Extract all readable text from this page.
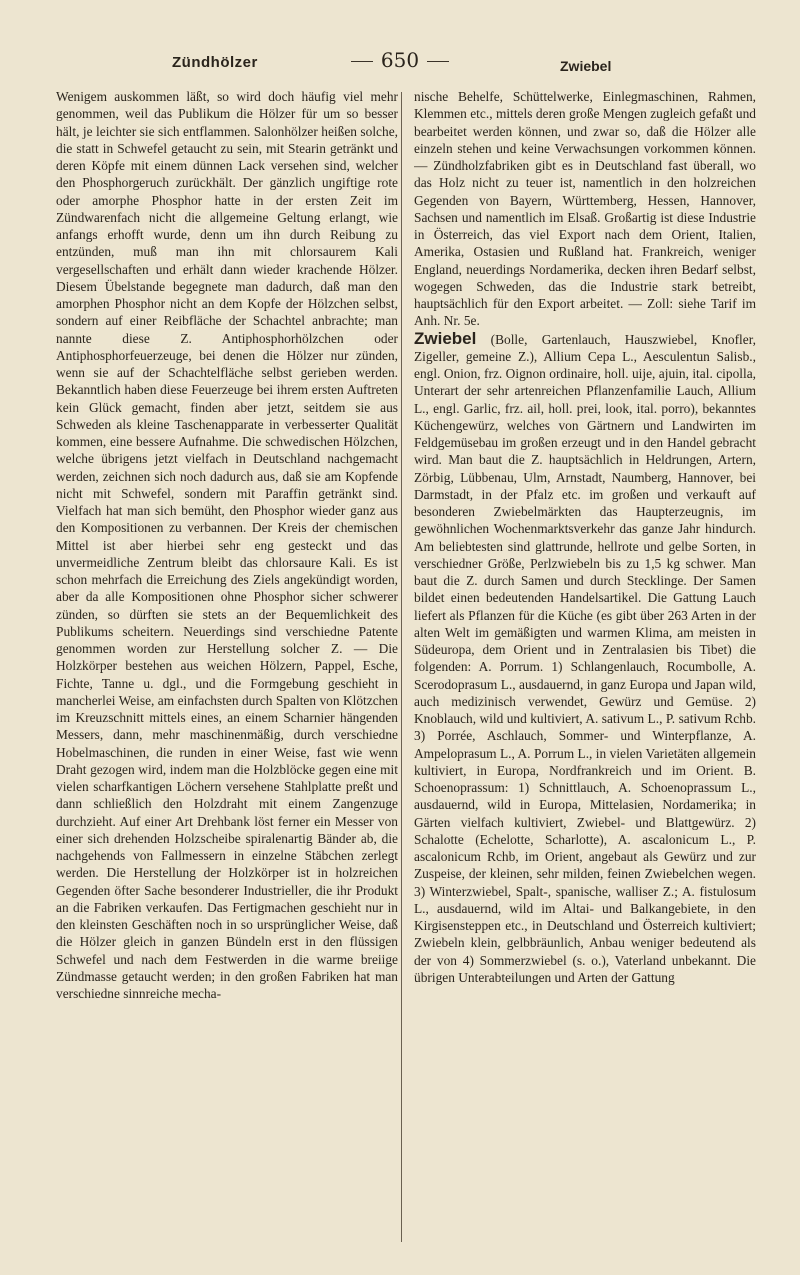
Zündhölzer	650	Zwiebel

Wenigem auskommen läßt, so wird doch häufig viel mehr genommen, weil das Publikum die Hölzer für um so besser hält, je leichter sie sich entflammen. Salonhölzer heißen solche, die statt in Schwefel getaucht zu sein, mit Stearin getränkt und deren Köpfe mit einem dünnen Lack versehen sind, welcher den Phosphorgeruch zurückhält. Der gänzlich ungiftige rote oder amorphe Phosphor hatte in der ersten Zeit im Zündwarenfach nicht die allgemeine Geltung erlangt, wie anfangs erhofft wurde, denn um ihn durch Reibung zu entzünden, muß man ihn mit chlorsaurem Kali vergesellschaften und erhält dann wieder krachende Hölzer. Diesem Übelstande begegnete man dadurch, daß man den amorphen Phosphor nicht an dem Kopfe der Hölzchen selbst, sondern auf einer Reibfläche der Schachtel anbrachte; man nannte diese Z. Antiphosphorhölzchen oder Antiphosphorfeuerzeuge, bei denen die Hölzer nur zünden, wenn sie auf der Schachtelfläche selbst gerieben werden. Bekanntlich haben diese Feuerzeuge bei ihrem ersten Auftreten kein Glück gemacht, finden aber jetzt, seitdem sie aus Schweden als kleine Taschenapparate in verbesserter Qualität kommen, eine bessere Aufnahme. Die schwedischen Hölzchen, welche übrigens jetzt vielfach in Deutschland nachgemacht werden, zeichnen sich noch dadurch aus, daß sie am Kopfende nicht mit Schwefel, sondern mit Paraffin getränkt sind. Vielfach hat man sich bemüht, den Phosphor wieder ganz aus den Kompositionen zu verbannen. Der Kreis der chemischen Mittel ist aber hierbei sehr eng gesteckt und das unvermeidliche Zentrum bleibt das chlorsaure Kali. Es ist schon mehrfach die Erreichung des Ziels angekündigt worden, aber da alle Kompositionen ohne Phosphor sicher schwerer zünden, so dürften sie stets an der Bequemlichkeit des Publikums scheitern. Neuerdings sind verschiedne Patente genommen worden zur Herstellung solcher Z. — Die Holzkörper bestehen aus weichen Hölzern, Pappel, Esche, Fichte, Tanne u. dgl., und die Formgebung geschieht in mancherlei Weise, am einfachsten durch Spalten von Klötzchen im Kreuzschnitt mittels eines, an einem Scharnier hängenden Messers, dann, mehr maschinenmäßig, durch verschiedne Hobelmaschinen, die runden in einer Weise, fast wie wenn Draht gezogen wird, indem man die Holzblöcke gegen eine mit vielen scharfkantigen Löchern versehene Stahlplatte preßt und dann schließlich den Holzdraht mit einem Zangenzuge durchzieht. Auf einer Art Drehbank löst ferner ein Messer von einer sich drehenden Holzscheibe spiralenartig Bänder ab, die nachgehends von Fallmessern in einzelne Stäbchen zerlegt werden. Die Herstellung der Holzkörper ist in holzreichen Gegenden öfter Sache besonderer Industrieller, die ihr Produkt an die Fabriken verkaufen. Das Fertigmachen geschieht nur in den kleinsten Geschäften noch in so ursprünglicher Weise, daß die Hölzer gleich in ganzen Bündeln erst in den flüssigen Schwefel und nach dem Festwerden in die warme breiige Zündmasse getaucht werden; in den großen Fabriken hat man verschiedne sinnreiche mecha-

nische Behelfe, Schüttelwerke, Einlegmaschinen, Rahmen, Klemmen etc., mittels deren große Mengen zugleich gefaßt und bearbeitet werden können, und zwar so, daß die Hölzer alle einzeln stehen und keine Verwachsungen vorkommen können. — Zündholzfabriken gibt es in Deutschland fast überall, wo das Holz nicht zu teuer ist, namentlich in den holzreichen Gegenden von Bayern, Württemberg, Hessen, Hannover, Sachsen und namentlich im Elsaß. Großartig ist diese Industrie in Österreich, das viel Export nach dem Orient, Italien, Amerika, Ostasien und Rußland hat. Frankreich, weniger England, neuerdings Nordamerika, decken ihren Bedarf selbst, wogegen Schweden, das die Industrie stark betreibt, hauptsächlich für den Export arbeitet. — Zoll: siehe Tarif im Anh. Nr. 5e.

Zwiebel (Bolle, Gartenlauch, Hauszwiebel, Knofler, Zigeller, gemeine Z.), Allium Cepa L., Aesculentun Salisb., engl. Onion, frz. Oignon ordinaire, holl. uije, ajuin, ital. cipolla, Unterart der sehr artenreichen Pflanzenfamilie Lauch, Allium L., engl. Garlic, frz. ail, holl. prei, look, ital. porro), bekanntes Küchengewürz, welches von Gärtnern und Landwirten im Feldgemüsebau im großen erzeugt und in den Handel gebracht wird. Man baut die Z. hauptsächlich in Heldrungen, Artern, Zörbig, Lübbenau, Ulm, Arnstadt, Naumberg, Hannover, bei Darmstadt, in der Pfalz etc. im großen und verkauft auf besonderen Zwiebelmärkten das Haupterzeugnis, im gewöhnlichen Wochenmarktsverkehr das ganze Jahr hindurch. Am beliebtesten sind glattrunde, hellrote und gelbe Sorten, in verschiedner Größe, Perlzwiebeln bis zu 1,5 kg schwer. Man baut die Z. durch Samen und durch Stecklinge. Der Samen bildet einen bedeutenden Handelsartikel. Die Gattung Lauch liefert als Pflanzen für die Küche (es gibt über 263 Arten in der alten Welt im gemäßigten und warmen Klima, am meisten in Südeuropa, dem Orient und in Zentralasien bis Tibet) die folgenden: A. Porrum. 1) Schlangenlauch, Rocumbolle, A. Scerodoprasum L., ausdauernd, in ganz Europa und Japan wild, auch medizinisch verwendet, Gewürz und Gemüse. 2) Knoblauch, wild und kultiviert, A. sativum L., P. sativum Rchb. 3) Porrée, Aschlauch, Sommer- und Winterpflanze, A. Ampeloprasum L., A. Porrum L., in vielen Varietäten allgemein kultiviert, in Europa, Nordfrankreich und im Orient. B. Schoenoprassum: 1) Schnittlauch, A. Schoenoprassum L., ausdauernd, wild in Europa, Mittelasien, Nordamerika; in Gärten vielfach kultiviert, Zwiebel- und Blattgewürz. 2) Schalotte (Echelotte, Scharlotte), A. ascalonicum L., P. ascalonicum Rchb, im Orient, angebaut als Gewürz und zur Zuspeise, der kleinen, sehr milden, feinen Zwiebelchen wegen. 3) Winterzwiebel, Spalt-, spanische, walliser Z.; A. fistulosum L., ausdauernd, wild im Altai- und Balkangebiete, in den Kirgisensteppen etc., in Deutschland und Österreich kultiviert; Zwiebeln klein, gelbbräunlich, Anbau weniger bedeutend als der von 4) Sommerzwiebel (s. o.), Vaterland unbekannt. Die übrigen Unterabteilungen und Arten der Gattung
